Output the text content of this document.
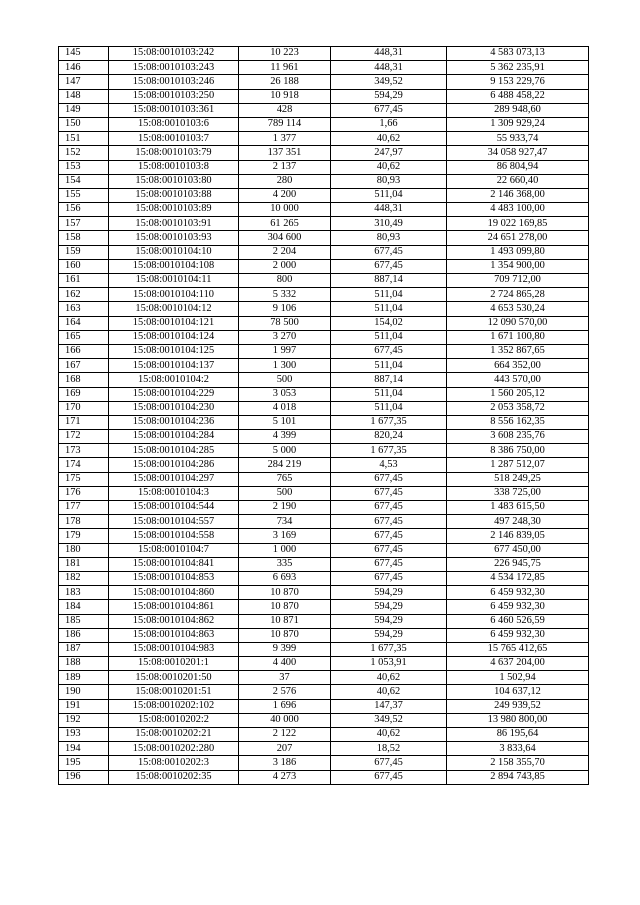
145	15:08:0010103:242	10 223	448,31	4 583 073,13
146	15:08:0010103:243	11 961	448,31	5 362 235,91
147	15:08:0010103:246	26 188	349,52	9 153 229,76
148	15:08:0010103:250	10 918	594,29	6 488 458,22
149	15:08:0010103:361	428	677,45	289 948,60
150	15:08:0010103:6	789 114	1,66	1 309 929,24
151	15:08:0010103:7	1 377	40,62	55 933,74
152	15:08:0010103:79	137 351	247,97	34 058 927,47
153	15:08:0010103:8	2 137	40,62	86 804,94
154	15:08:0010103:80	280	80,93	22 660,40
155	15:08:0010103:88	4 200	511,04	2 146 368,00
156	15:08:0010103:89	10 000	448,31	4 483 100,00
157	15:08:0010103:91	61 265	310,49	19 022 169,85
158	15:08:0010103:93	304 600	80,93	24 651 278,00
159	15:08:0010104:10	2 204	677,45	1 493 099,80
160	15:08:0010104:108	2 000	677,45	1 354 900,00
161	15:08:0010104:11	800	887,14	709 712,00
162	15:08:0010104:110	5 332	511,04	2 724 865,28
163	15:08:0010104:12	9 106	511,04	4 653 530,24
164	15:08:0010104:121	78 500	154,02	12 090 570,00
165	15:08:0010104:124	3 270	511,04	1 671 100,80
166	15:08:0010104:125	1 997	677,45	1 352 867,65
167	15:08:0010104:137	1 300	511,04	664 352,00
168	15:08:0010104:2	500	887,14	443 570,00
169	15:08:0010104:229	3 053	511,04	1 560 205,12
170	15:08:0010104:230	4 018	511,04	2 053 358,72
171	15:08:0010104:236	5 101	1 677,35	8 556 162,35
172	15:08:0010104:284	4 399	820,24	3 608 235,76
173	15:08:0010104:285	5 000	1 677,35	8 386 750,00
174	15:08:0010104:286	284 219	4,53	1 287 512,07
175	15:08:0010104:297	765	677,45	518 249,25
176	15:08:0010104:3	500	677,45	338 725,00
177	15:08:0010104:544	2 190	677,45	1 483 615,50
178	15:08:0010104:557	734	677,45	497 248,30
179	15:08:0010104:558	3 169	677,45	2 146 839,05
180	15:08:0010104:7	1 000	677,45	677 450,00
181	15:08:0010104:841	335	677,45	226 945,75
182	15:08:0010104:853	6 693	677,45	4 534 172,85
183	15:08:0010104:860	10 870	594,29	6 459 932,30
184	15:08:0010104:861	10 870	594,29	6 459 932,30
185	15:08:0010104:862	10 871	594,29	6 460 526,59
186	15:08:0010104:863	10 870	594,29	6 459 932,30
187	15:08:0010104:983	9 399	1 677,35	15 765 412,65
188	15:08:0010201:1	4 400	1 053,91	4 637 204,00
189	15:08:0010201:50	37	40,62	1 502,94
190	15:08:0010201:51	2 576	40,62	104 637,12
191	15:08:0010202:102	1 696	147,37	249 939,52
192	15:08:0010202:2	40 000	349,52	13 980 800,00
193	15:08:0010202:21	2 122	40,62	86 195,64
194	15:08:0010202:280	207	18,52	3 833,64
195	15:08:0010202:3	3 186	677,45	2 158 355,70
196	15:08:0010202:35	4 273	677,45	2 894 743,85
